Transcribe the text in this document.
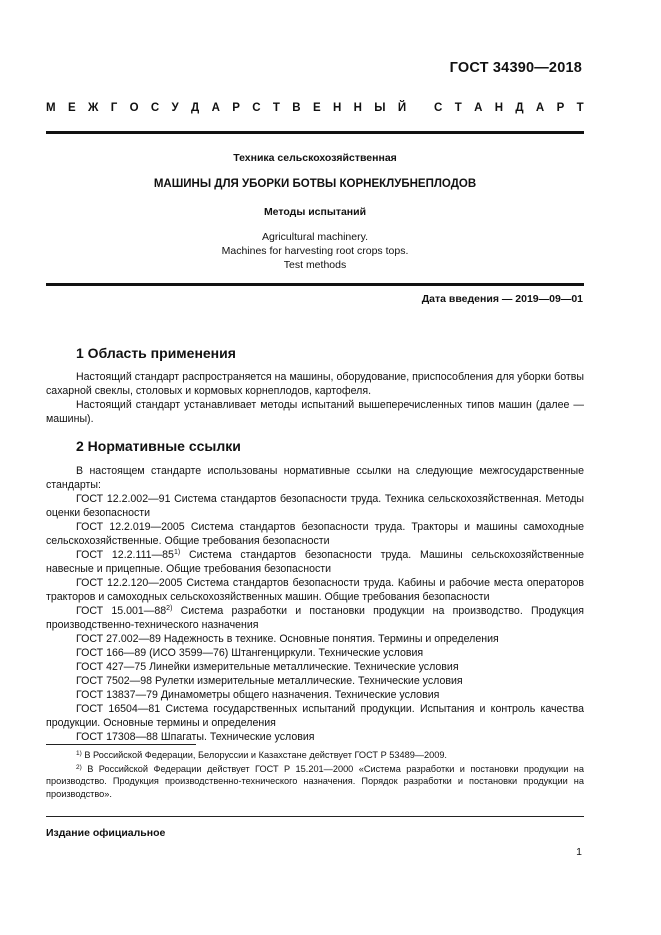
ГОСТ 34390—2018
М Е Ж Г О С У Д А Р С Т В Е Н Н Ы Й
С Т А Н Д А Р Т
Техника сельскохозяйственная
МАШИНЫ ДЛЯ УБОРКИ БОТВЫ КОРНЕКЛУБНЕПЛОДОВ
Методы испытаний
Agricultural machinery.
Machines for harvesting root crops tops.
Test methods
Дата введения — 2019—09—01
1 Область применения

Настоящий стандарт распространяется на машины, оборудование, приспособления для уборки ботвы сахарной свеклы, столовых и кормовых корнеплодов, картофеля.

Настоящий стандарт устанавливает методы испытаний вышеперечисленных типов машин (далее — машины).

2 Нормативные ссылки

В настоящем стандарте использованы нормативные ссылки на следующие межгосударственные стандарты:

ГОСТ 12.2.002—91 Система стандартов безопасности труда. Техника сельскохозяйственная. Методы оценки безопасности

ГОСТ 12.2.019—2005 Система стандартов безопасности труда. Тракторы и машины самоходные сельскохозяйственные. Общие требования безопасности

ГОСТ 12.2.111—85$^{1)}$ Система стандартов безопасности труда. Машины сельскохозяйственные навесные и прицепные. Общие требования безопасности

ГОСТ 12.2.120—2005 Система стандартов безопасности труда. Кабины и рабочие места операторов тракторов и самоходных сельскохозяйственных машин. Общие требования безопасности

ГОСТ 15.001—88$^{2)}$ Система разработки и постановки продукции на производство. Продукция производственно-технического назначения

ГОСТ 27.002—89 Надежность в технике. Основные понятия. Термины и определения

ГОСТ 166—89 (ИСО 3599—76) Штангенциркули. Технические условия

ГОСТ 427—75 Линейки измерительные металлические. Технические условия

ГОСТ 7502—98 Рулетки измерительные металлические. Технические условия

ГОСТ 13837—79 Динамометры общего назначения. Технические условия

ГОСТ 16504—81 Система государственных испытаний продукции. Испытания и контроль качества продукции. Основные термины и определения

ГОСТ 17308—88 Шпагаты. Технические условия

$^{1)}$ В Российской Федерации, Белоруссии и Казахстане действует ГОСТ Р 53489—2009.

$^{2)}$ В Российской Федерации действует ГОСТ Р 15.201—2000 «Система разработки и постановки продукции на производство. Продукция производственно-технического назначения. Порядок разработки и постановки продукции на производство».

Издание официальное
1
